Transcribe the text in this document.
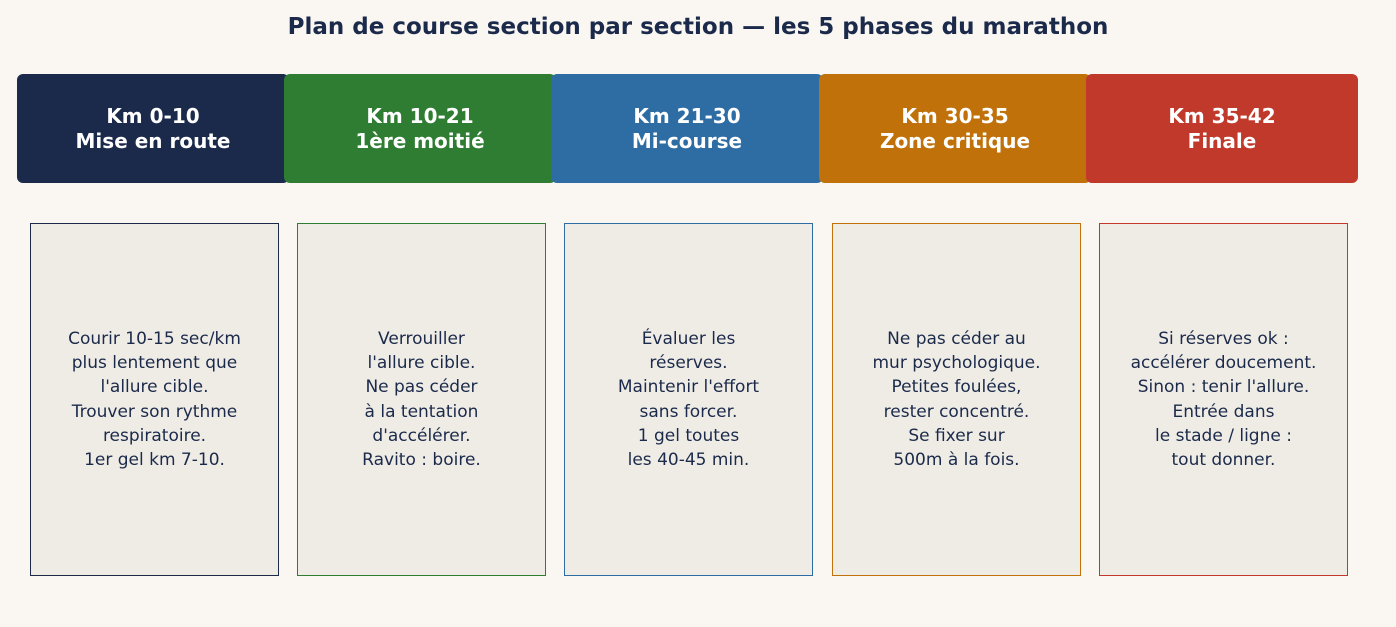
Plan de course section par section — les 5 phases du marathon
Km 0-10
Mise en route
Courir 10-15 sec/km
plus lentement que
l'allure cible.
Trouver son rythme
respiratoire.
1er gel km 7-10.
Km 10-21
1ère moitié
Verrouiller
l'allure cible.
Ne pas céder
à la tentation
d'accélérer.
Ravito : boire.
Km 21-30
Mi-course
Évaluer les
réserves.
Maintenir l'effort
sans forcer.
1 gel toutes
les 40-45 min.
Km 30-35
Zone critique
Ne pas céder au
mur psychologique.
Petites foulées,
rester concentré.
Se fixer sur
500m à la fois.
Km 35-42
Finale
Si réserves ok :
accélérer doucement.
Sinon : tenir l'allure.
Entrée dans
le stade / ligne :
tout donner.
